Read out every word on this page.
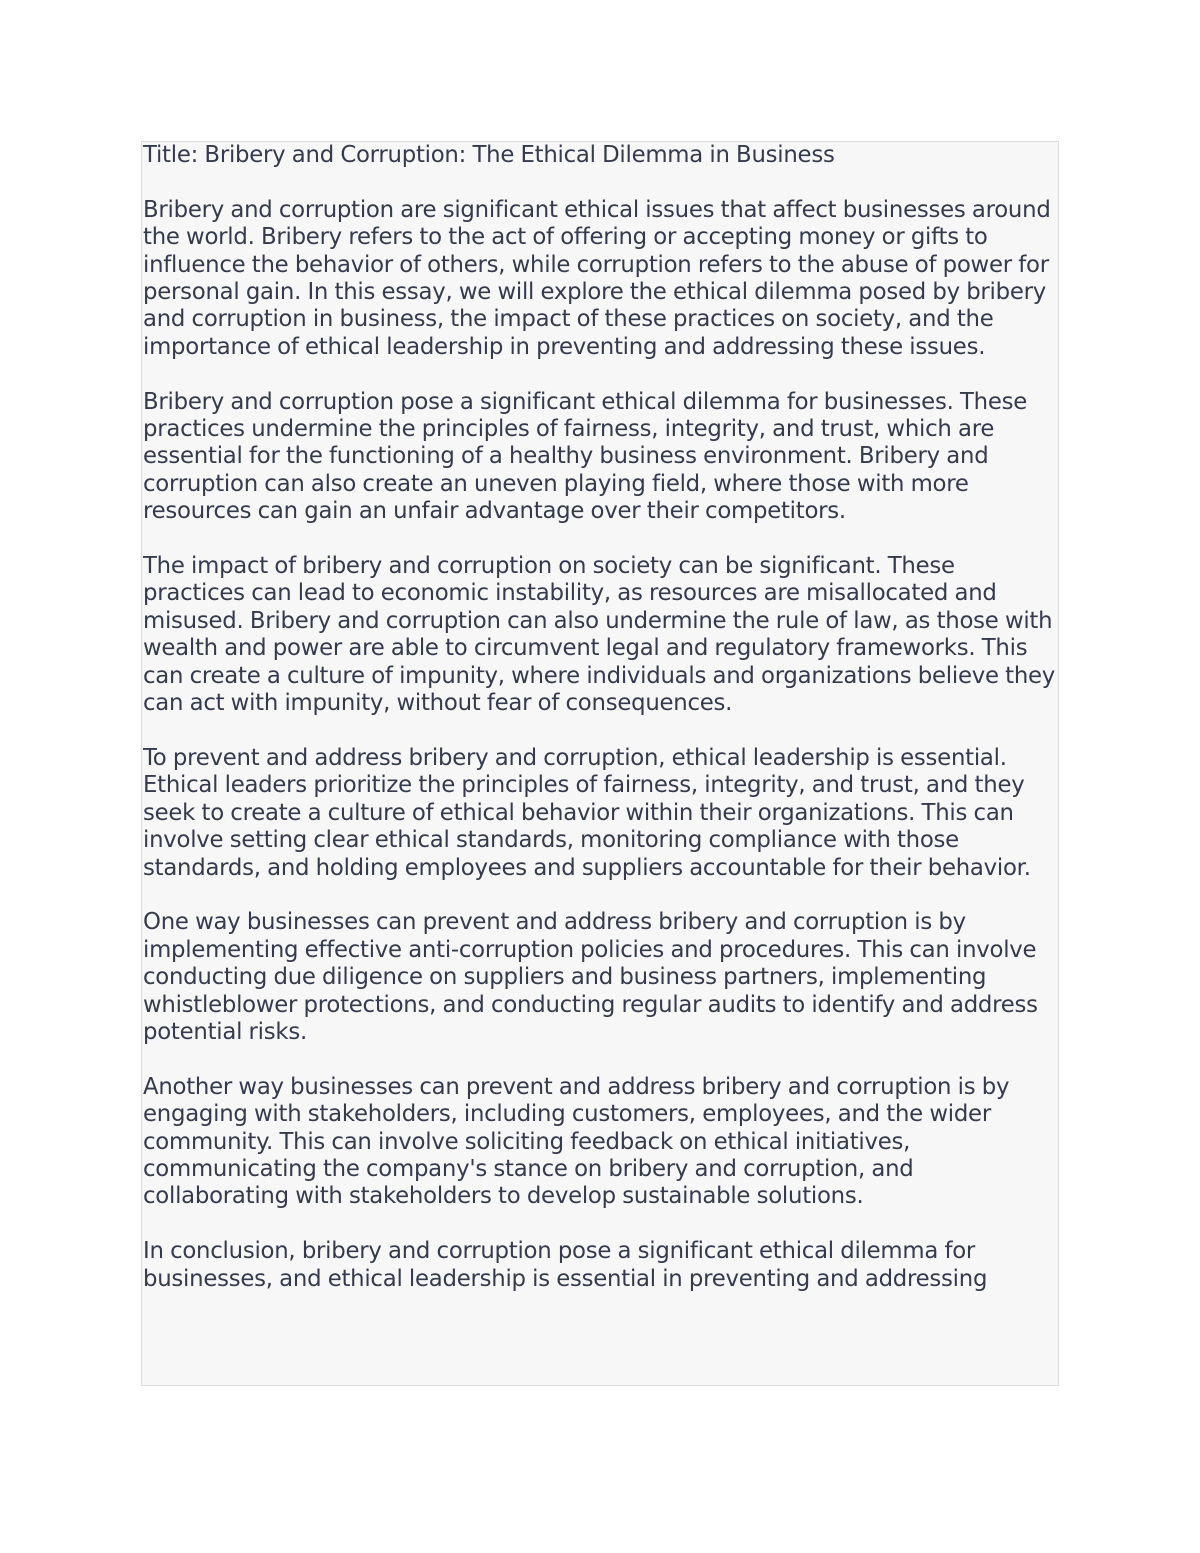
Title: Bribery and Corruption: The Ethical Dilemma in Business

Bribery and corruption are significant ethical issues that affect businesses around the world. Bribery refers to the act of offering or accepting money or gifts to influence the behavior of others, while corruption refers to the abuse of power for personal gain. In this essay, we will explore the ethical dilemma posed by bribery and corruption in business, the impact of these practices on society, and the importance of ethical leadership in preventing and addressing these issues.

Bribery and corruption pose a significant ethical dilemma for businesses. These practices undermine the principles of fairness, integrity, and trust, which are essential for the functioning of a healthy business environment. Bribery and corruption can also create an uneven playing field, where those with more resources can gain an unfair advantage over their competitors.

The impact of bribery and corruption on society can be significant. These practices can lead to economic instability, as resources are misallocated and misused. Bribery and corruption can also undermine the rule of law, as those with wealth and power are able to circumvent legal and regulatory frameworks. This can create a culture of impunity, where individuals and organizations believe they can act with impunity, without fear of consequences.

To prevent and address bribery and corruption, ethical leadership is essential. Ethical leaders prioritize the principles of fairness, integrity, and trust, and they seek to create a culture of ethical behavior within their organizations. This can involve setting clear ethical standards, monitoring compliance with those standards, and holding employees and suppliers accountable for their behavior.

One way businesses can prevent and address bribery and corruption is by implementing effective anti-corruption policies and procedures. This can involve conducting due diligence on suppliers and business partners, implementing whistleblower protections, and conducting regular audits to identify and address potential risks.

Another way businesses can prevent and address bribery and corruption is by engaging with stakeholders, including customers, employees, and the wider community. This can involve soliciting feedback on ethical initiatives, communicating the company's stance on bribery and corruption, and collaborating with stakeholders to develop sustainable solutions.

In conclusion, bribery and corruption pose a significant ethical dilemma for businesses, and ethical leadership is essential in preventing and addressing
